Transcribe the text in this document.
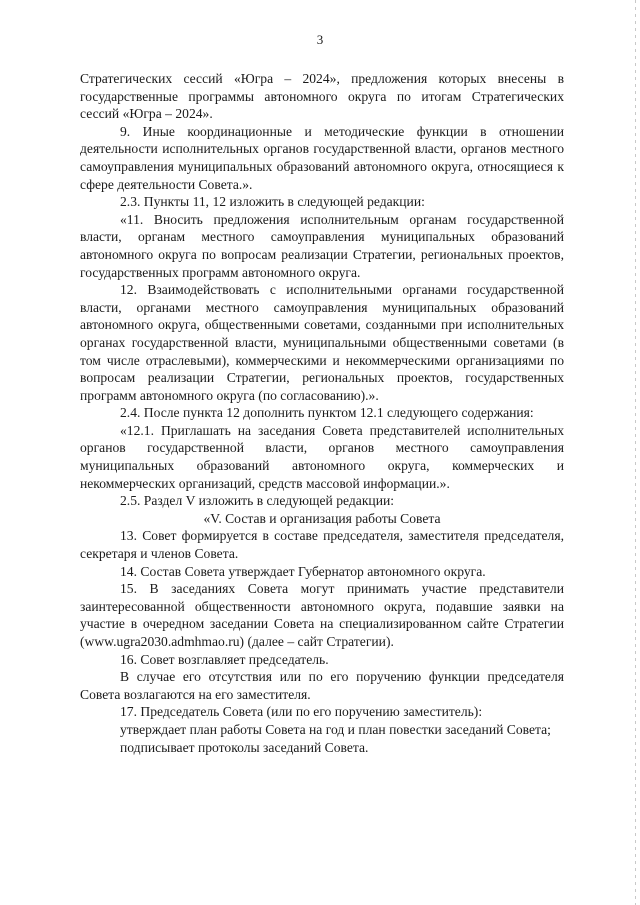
3

Стратегических сессий «Югра – 2024», предложения которых внесены в государственные программы автономного округа по итогам Стратегических сессий «Югра – 2024».

9. Иные координационные и методические функции в отношении деятельности исполнительных органов государственной власти, органов местного самоуправления муниципальных образований автономного округа, относящиеся к сфере деятельности Совета.».

2.3. Пункты 11, 12 изложить в следующей редакции:

«11. Вносить предложения исполнительным органам государственной власти, органам местного самоуправления муниципальных образований автономного округа по вопросам реализации Стратегии, региональных проектов, государственных программ автономного округа.

12. Взаимодействовать с исполнительными органами государственной власти, органами местного самоуправления муниципальных образований автономного округа, общественными советами, созданными при исполнительных органах государственной власти, муниципальными общественными советами (в том числе отраслевыми), коммерческими и некоммерческими организациями по вопросам реализации Стратегии, региональных проектов, государственных программ автономного округа (по согласованию).».

2.4. После пункта 12 дополнить пунктом 12.1 следующего содержания:

«12.1. Приглашать на заседания Совета представителей исполнительных органов государственной власти, органов местного самоуправления муниципальных образований автономного округа, коммерческих и некоммерческих организаций, средств массовой информации.».

2.5. Раздел V изложить в следующей редакции:

«V. Состав и организация работы Совета

13. Совет формируется в составе председателя, заместителя председателя, секретаря и членов Совета.

14. Состав Совета утверждает Губернатор автономного округа.

15. В заседаниях Совета могут принимать участие представители заинтересованной общественности автономного округа, подавшие заявки на участие в очередном заседании Совета на специализированном сайте Стратегии (www.ugra2030.admhmao.ru) (далее – сайт Стратегии).

16. Совет возглавляет председатель.

В случае его отсутствия или по его поручению функции председателя Совета возлагаются на его заместителя.

17. Председатель Совета (или по его поручению заместитель):

утверждает план работы Совета на год и план повестки заседаний Совета;

подписывает протоколы заседаний Совета.
